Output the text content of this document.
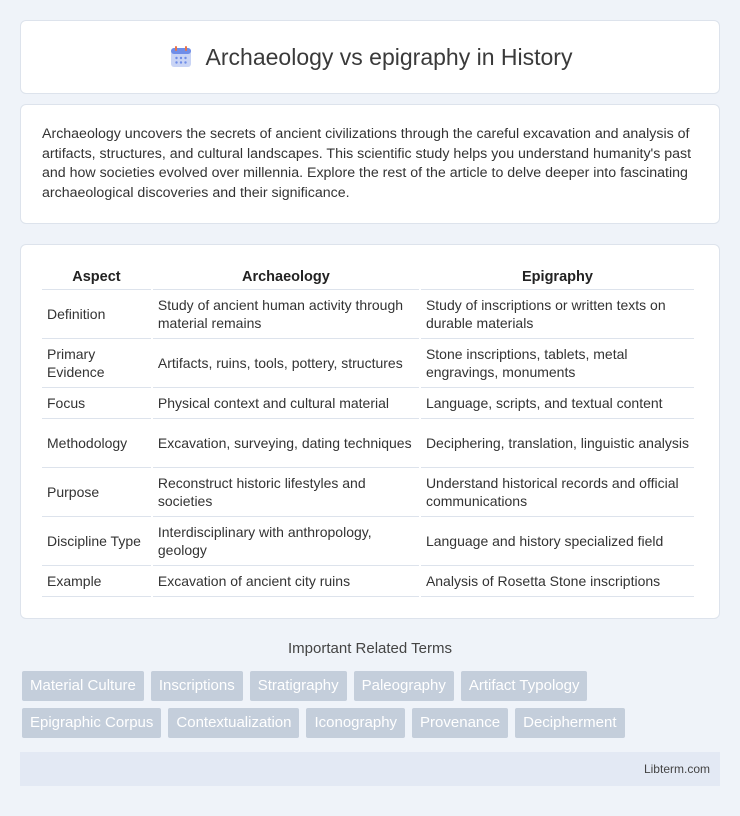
Archaeology vs epigraphy in History

Archaeology uncovers the secrets of ancient civilizations through the careful excavation and analysis of artifacts, structures, and cultural landscapes. This scientific study helps you understand humanity's past and how societies evolved over millennia. Explore the rest of the article to delve deeper into fascinating archaeological discoveries and their significance.

Aspect	Archaeology	Epigraphy
Definition	Study of ancient human activity through material remains	Study of inscriptions or written texts on durable materials
Primary Evidence	Artifacts, ruins, tools, pottery, structures	Stone inscriptions, tablets, metal engravings, monuments
Focus	Physical context and cultural material	Language, scripts, and textual content
Methodology	Excavation, surveying, dating techniques	Deciphering, translation, linguistic analysis
Purpose	Reconstruct historic lifestyles and societies	Understand historical records and official communications
Discipline Type	Interdisciplinary with anthropology, geology	Language and history specialized field
Example	Excavation of ancient city ruins	Analysis of Rosetta Stone inscriptions
Important Related Terms
Material Culture	Inscriptions	Stratigraphy	Paleography	Artifact Typology
Epigraphic Corpus	Contextualization	Iconography	Provenance	Decipherment
Libterm.com
